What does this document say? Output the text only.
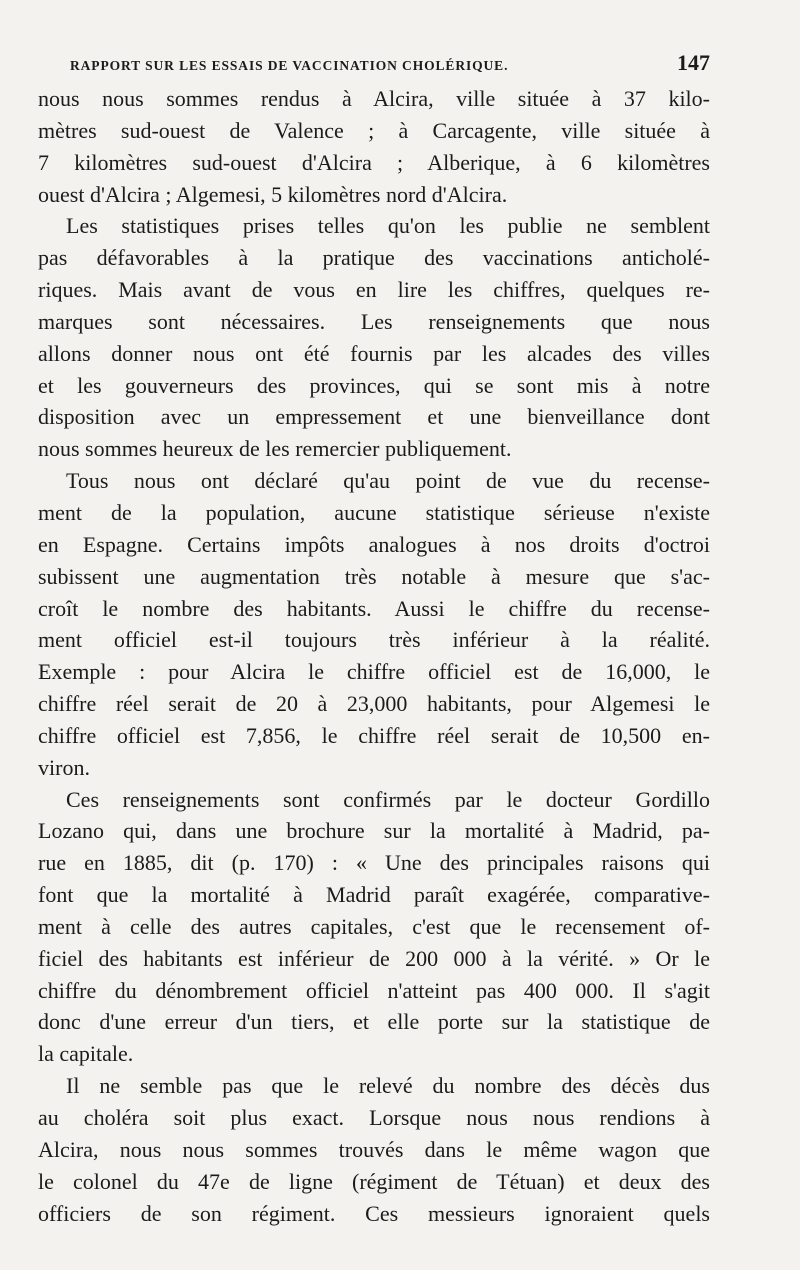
RAPPORT SUR LES ESSAIS DE VACCINATION CHOLÉRIQUE.	147
nous nous sommes rendus à Alcira, ville située à 37 kilo-
mètres sud-ouest de Valence ; à Carcagente, ville située à
7 kilomètres sud-ouest d'Alcira ; Alberique, à 6 kilomètres
ouest d'Alcira ; Algemesi, 5 kilomètres nord d'Alcira.
Les statistiques prises telles qu'on les publie ne semblent
pas défavorables à la pratique des vaccinations anticholé-
riques. Mais avant de vous en lire les chiffres, quelques re-
marques sont nécessaires. Les renseignements que nous
allons donner nous ont été fournis par les alcades des villes
et les gouverneurs des provinces, qui se sont mis à notre
disposition avec un empressement et une bienveillance dont
nous sommes heureux de les remercier publiquement.
Tous nous ont déclaré qu'au point de vue du recense-
ment de la population, aucune statistique sérieuse n'existe
en Espagne. Certains impôts analogues à nos droits d'octroi
subissent une augmentation très notable à mesure que s'ac-
croît le nombre des habitants. Aussi le chiffre du recense-
ment officiel est-il toujours très inférieur à la réalité.
Exemple : pour Alcira le chiffre officiel est de 16,000, le
chiffre réel serait de 20 à 23,000 habitants, pour Algemesi le
chiffre officiel est 7,856, le chiffre réel serait de 10,500 en-
viron.
Ces renseignements sont confirmés par le docteur Gordillo
Lozano qui, dans une brochure sur la mortalité à Madrid, pa-
rue en 1885, dit (p. 170) : « Une des principales raisons qui
font que la mortalité à Madrid paraît exagérée, comparative-
ment à celle des autres capitales, c'est que le recensement of-
ficiel des habitants est inférieur de 200 000 à la vérité. » Or le
chiffre du dénombrement officiel n'atteint pas 400 000. Il s'agit
donc d'une erreur d'un tiers, et elle porte sur la statistique de
la capitale.
Il ne semble pas que le relevé du nombre des décès dus
au choléra soit plus exact. Lorsque nous nous rendions à
Alcira, nous nous sommes trouvés dans le même wagon que
le colonel du 47e de ligne (régiment de Tétuan) et deux des
officiers de son régiment. Ces messieurs ignoraient quels
